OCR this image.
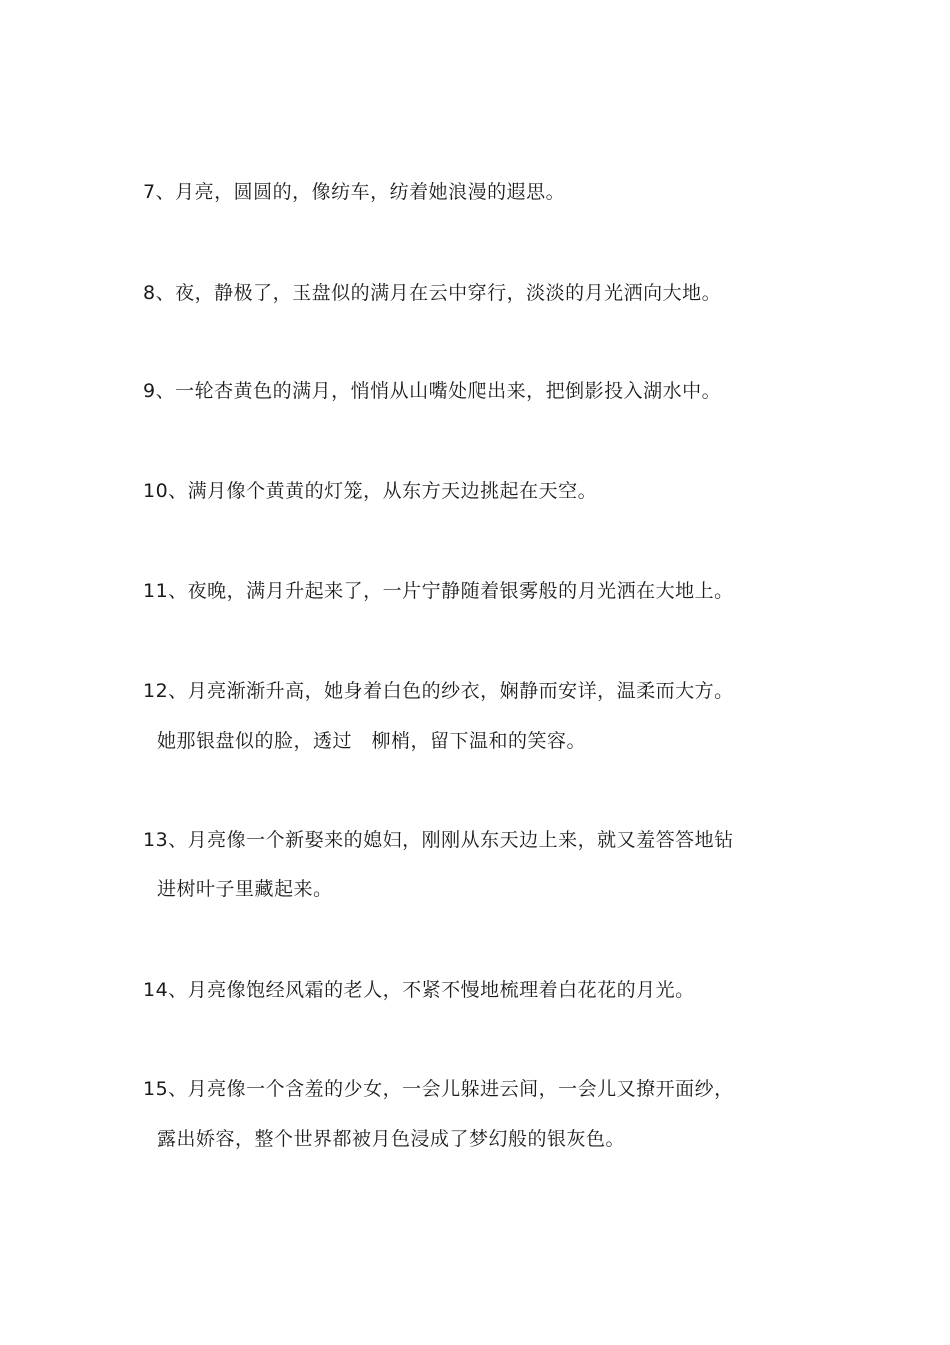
7、月亮，圆圆的，像纺车，纺着她浪漫的遐思。
8、夜，静极了，玉盘似的满月在云中穿行，淡淡的月光洒向大地。
9、一轮杏黄色的满月，悄悄从山嘴处爬出来，把倒影投入湖水中。
10、满月像个黄黄的灯笼，从东方天边挑起在天空。
11、夜晚，满月升起来了，一片宁静随着银雾般的月光洒在大地上。
12、月亮渐渐升高，她身着白色的纱衣，娴静而安详，温柔而大方。
她那银盘似的脸，透过　柳梢，留下温和的笑容。
13、月亮像一个新娶来的媳妇，刚刚从东天边上来，就又羞答答地钻
进树叶子里藏起来。
14、月亮像饱经风霜的老人，不紧不慢地梳理着白花花的月光。
15、月亮像一个含羞的少女，一会儿躲进云间，一会儿又撩开面纱，
露出娇容，整个世界都被月色浸成了梦幻般的银灰色。
